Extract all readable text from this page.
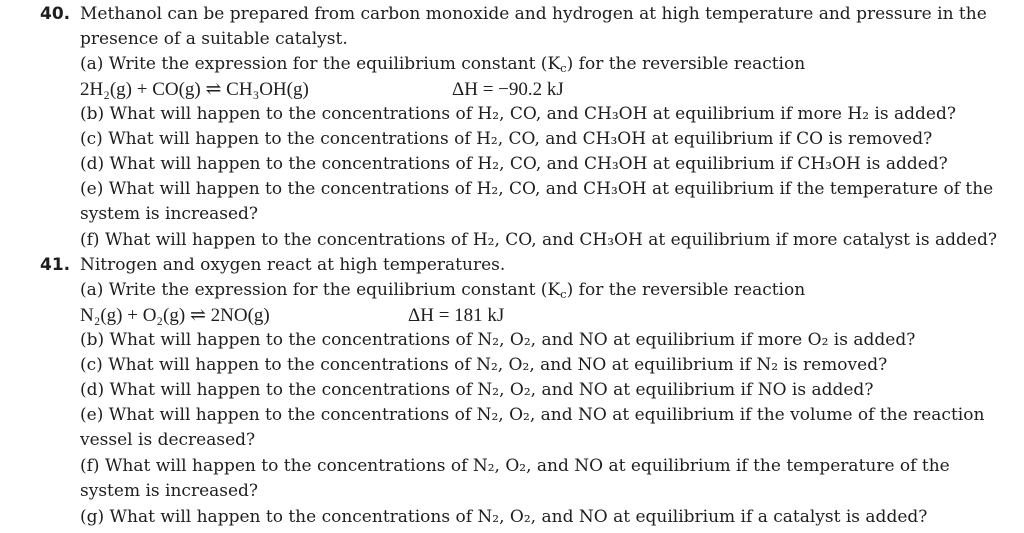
40. Methanol can be prepared from carbon monoxide and hydrogen at high temperature and pressure in the
presence of a suitable catalyst.
(a) Write the expression for the equilibrium constant $(K_c)$ for the reversible reaction
2H₂(g) + CO(g) ⇌ CH₃OH(g)	ΔH = −90.2 kJ
(b) What will happen to the concentrations of H₂, CO, and CH₃OH at equilibrium if more H₂ is added?
(c) What will happen to the concentrations of H₂, CO, and CH₃OH at equilibrium if CO is removed?
(d) What will happen to the concentrations of H₂, CO, and CH₃OH at equilibrium if CH₃OH is added?
(e) What will happen to the concentrations of H₂, CO, and CH₃OH at equilibrium if the temperature of the
system is increased?
(f) What will happen to the concentrations of H₂, CO, and CH₃OH at equilibrium if more catalyst is added?
41. Nitrogen and oxygen react at high temperatures.
(a) Write the expression for the equilibrium constant $(K_c)$ for the reversible reaction
N₂(g) + O₂(g) ⇌ 2NO(g)	ΔH = 181 kJ
(b) What will happen to the concentrations of N₂, O₂, and NO at equilibrium if more O₂ is added?
(c) What will happen to the concentrations of N₂, O₂, and NO at equilibrium if N₂ is removed?
(d) What will happen to the concentrations of N₂, O₂, and NO at equilibrium if NO is added?
(e) What will happen to the concentrations of N₂, O₂, and NO at equilibrium if the volume of the reaction
vessel is decreased?
(f) What will happen to the concentrations of N₂, O₂, and NO at equilibrium if the temperature of the
system is increased?
(g) What will happen to the concentrations of N₂, O₂, and NO at equilibrium if a catalyst is added?
